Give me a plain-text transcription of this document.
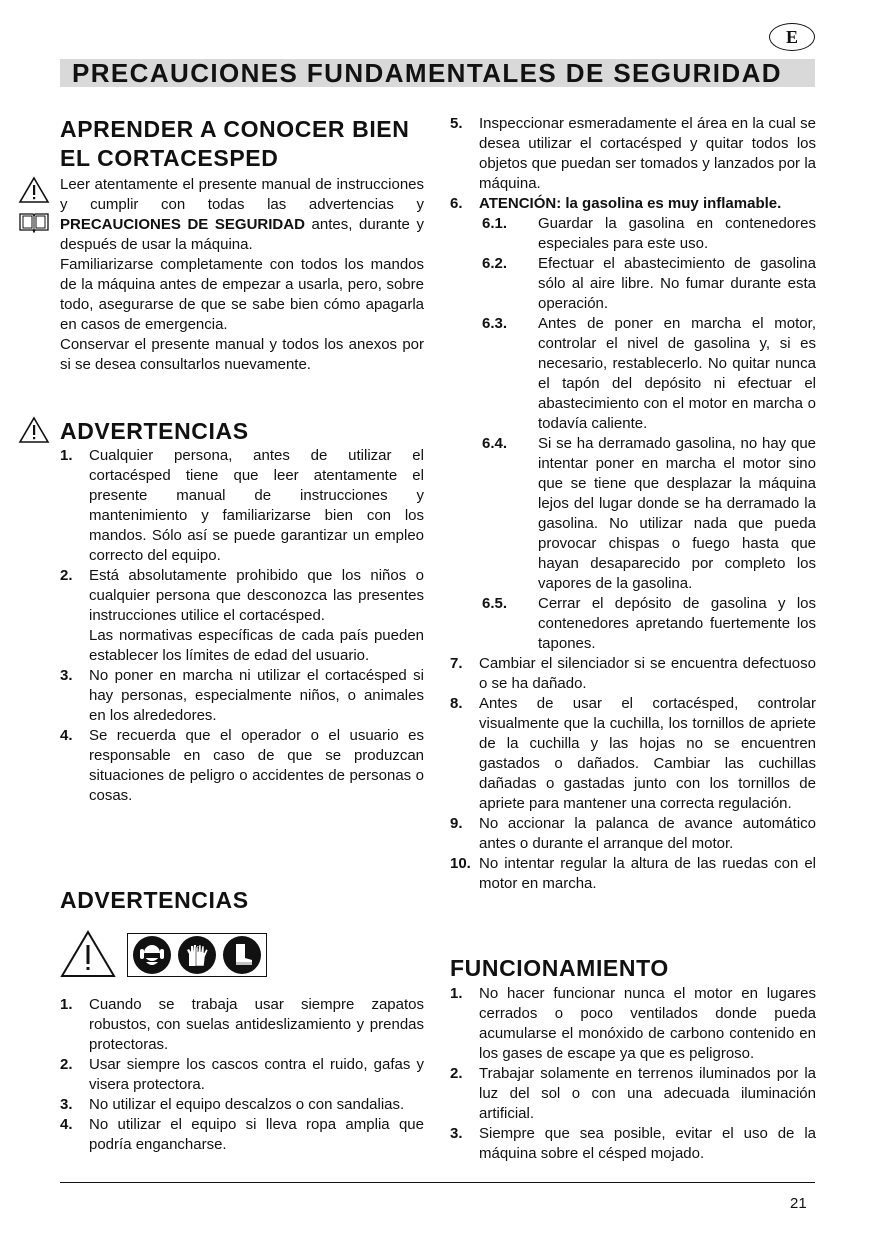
E
PRECAUCIONES FUNDAMENTALES DE SEGURIDAD
APRENDER A CONOCER BIEN
EL CORTACESPED

Leer atentamente el presente manual de instrucciones y cumplir con todas las advertencias y PRECAUCIONES DE SEGURIDAD antes, durante y después de usar la máquina.

Familiarizarse completamente con todos los mandos de la máquina antes de empezar a usarla, pero, sobre todo, asegurarse de que se sabe bien cómo apagarla en casos de emergencia.

Conservar el presente manual y todos los anexos por si se desea consultarlos nuevamente.

ADVERTENCIAS
1. Cualquier persona, antes de utilizar el cortacésped tiene que leer atentamente el presente manual de instrucciones y mantenimiento y familiarizarse bien con los mandos. Sólo así se puede garantizar un empleo correcto del equipo.
2. Está absolutamente prohibido que los niños o cualquier persona que desconozca las presentes instrucciones utilice el cortacésped.
Las normativas específicas de cada país pueden establecer los límites de edad del usuario.
3. No poner en marcha ni utilizar el cortacésped si hay personas, especialmente niños, o animales en los alrededores.
4. Se recuerda que el operador o el usuario es responsable en caso de que se produzcan situaciones de peligro o accidentes de personas o cosas.
ADVERTENCIAS
1. Cuando se trabaja usar siempre zapatos robustos, con suelas antideslizamiento y prendas protectoras.
2. Usar siempre los cascos contra el ruido, gafas y visera protectora.
3. No utilizar el equipo descalzos o con sandalias.
4. No utilizar el equipo si lleva ropa amplia que podría engancharse.
5. Inspeccionar esmeradamente el área en la cual se desea utilizar el cortacésped y quitar todos los objetos que puedan ser tomados y lanzados por la máquina.
6. ATENCIÓN: la gasolina es muy inflamable.
6.1.	Guardar la gasolina en contenedores especiales para este uso.
6.2.	Efectuar el abastecimiento de gasolina sólo al aire libre. No fumar durante esta operación.
6.3.	Antes de poner en marcha el motor, controlar el nivel de gasolina y, si es necesario, restablecerlo. No quitar nunca el tapón del depósito ni efectuar el abastecimiento con el motor en marcha o todavía caliente.
6.4.	Si se ha derramado gasolina, no hay que intentar poner en marcha el motor sino que se tiene que desplazar la máquina lejos del lugar donde se ha derramado la gasolina. No utilizar nada que pueda provocar chispas o fuego hasta que hayan desaparecido por completo los vapores de la gasolina.
6.5.	Cerrar el depósito de gasolina y los contenedores apretando fuertemente los tapones.
7. Cambiar el silenciador si se encuentra defectuoso o se ha dañado.
8. Antes de usar el cortacésped, controlar visualmente que la cuchilla, los tornillos de apriete de la cuchilla y las hojas no se encuentren gastados o dañados. Cambiar las cuchillas dañadas o gastadas junto con los tornillos de apriete para mantener una correcta regulación.
9. No accionar la palanca de avance automático antes o durante el arranque del motor.
10. No intentar regular la altura de las ruedas con el motor en marcha.
FUNCIONAMIENTO
1. No hacer funcionar nunca el motor en lugares cerrados o poco ventilados donde pueda acumularse el monóxido de carbono contenido en los gases de escape ya que es peligroso.
2. Trabajar solamente en terrenos iluminados por la luz del sol o con una adecuada iluminación artificial.
3. Siempre que sea posible, evitar el uso de la máquina sobre el césped mojado.
21
